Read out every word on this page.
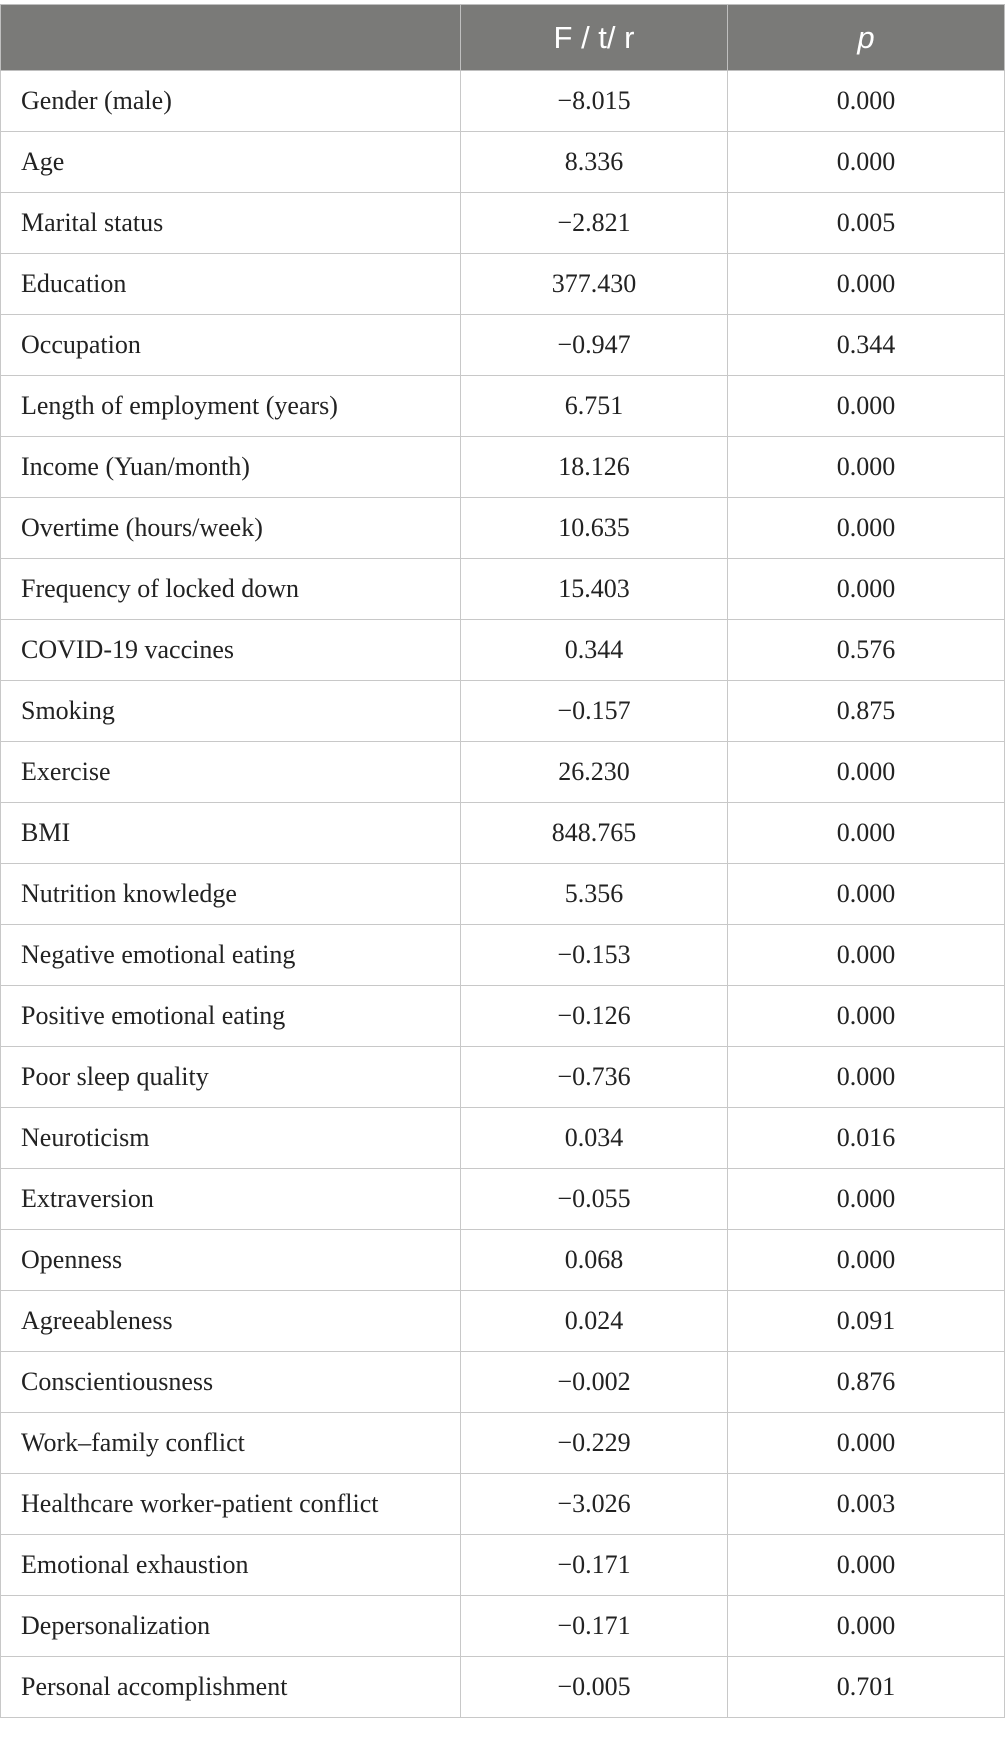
	F / t/ r	p
Gender (male)	−8.015	0.000
Age	8.336	0.000
Marital status	−2.821	0.005
Education	377.430	0.000
Occupation	−0.947	0.344
Length of employment (years)	6.751	0.000
Income (Yuan/month)	18.126	0.000
Overtime (hours/week)	10.635	0.000
Frequency of locked down	15.403	0.000
COVID-19 vaccines	0.344	0.576
Smoking	−0.157	0.875
Exercise	26.230	0.000
BMI	848.765	0.000
Nutrition knowledge	5.356	0.000
Negative emotional eating	−0.153	0.000
Positive emotional eating	−0.126	0.000
Poor sleep quality	−0.736	0.000
Neuroticism	0.034	0.016
Extraversion	−0.055	0.000
Openness	0.068	0.000
Agreeableness	0.024	0.091
Conscientiousness	−0.002	0.876
Work–family conflict	−0.229	0.000
Healthcare worker-patient conflict	−3.026	0.003
Emotional exhaustion	−0.171	0.000
Depersonalization	−0.171	0.000
Personal accomplishment	−0.005	0.701
